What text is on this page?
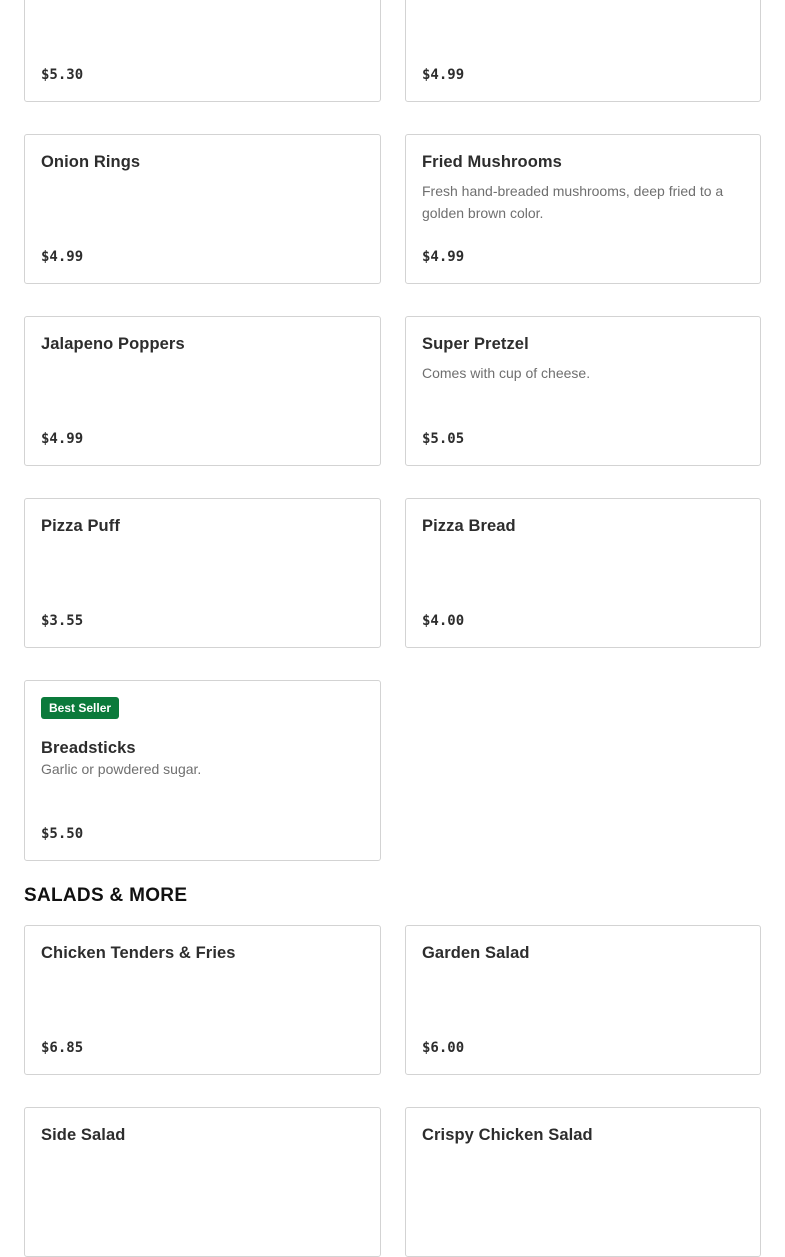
$5.30	$4.99
Onion Rings
$4.99
Fried Mushrooms
Fresh hand-breaded mushrooms, deep fried to a golden brown color.
$4.99
Jalapeno Poppers
$4.99
Super Pretzel
Comes with cup of cheese.
$5.05
Pizza Puff
$3.55
Pizza Bread
$4.00
Best Seller
Breadsticks
Garlic or powdered sugar.
$5.50
SALADS & MORE
Chicken Tenders & Fries
$6.85
Garden Salad
$6.00
Side Salad	Crispy Chicken Salad
